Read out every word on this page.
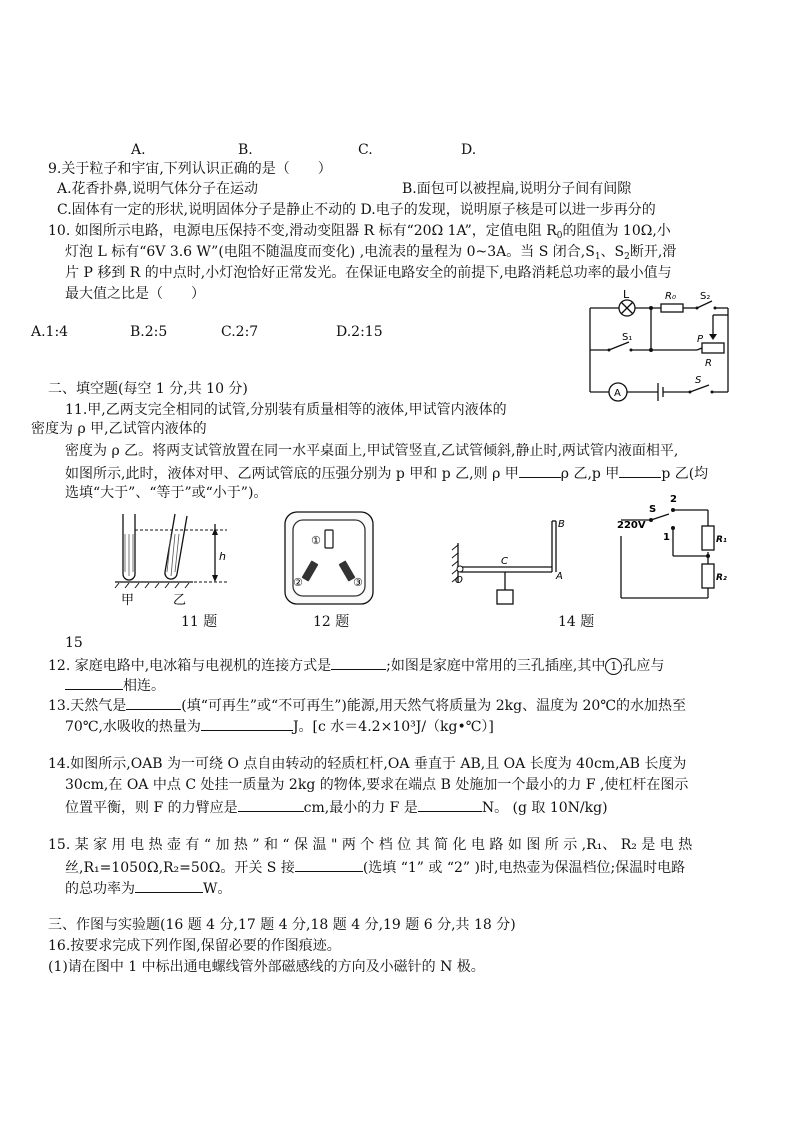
A.	B.	C.	D.
9.关于粒子和宇宙,下列认识正确的是（　　）
A.花香扑鼻,说明气体分子在运动	B.面包可以被捏扁,说明分子间有间隙
C.固体有一定的形状,说明固体分子是静止不动的 D.电子的发现，说明原子核是可以进一步再分的
10. 如图所示电路，电源电压保持不变,滑动变阻器 R 标有“20Ω 1A”，定值电阻 $R_0$的阻值为 10Ω,小
灯泡 L 标有“6V 3.6 W”(电阻不随温度而变化) ,电流表的量程为 0~3A。当 S 闭合$,S_1$、$S_2$断开,滑
片 P 移到 R 的中点时,小灯泡恰好正常发光。在保证电路安全的前提下,电路消耗总功率的最小值与
最大值之比是（　　）
A.1:4	B.2:5	C.2:7	D.2:15
L	R₀ S₂
S₁	P
R
A
S
二、填空题(每空 1 分,共 10 分)
11.甲,乙两支完全相同的试管,分别装有质量相等的液体,甲试管内液体的
密度为 ρ 甲,乙试管内液体的
密度为 ρ 乙。将两支试管放置在同一水平桌面上,甲试管竖直,乙试管倾斜,静止时,两试管内液面相平,
如图所示,此时，液体对甲、乙两试管底的压强分别为 p 甲和 p 乙,则 ρ 甲	ρ 乙,p 甲	p 乙(均
选填“大于”、“等于”或“小于”)。
h
甲	乙
11 题
①
②	③
12 题
O
C
A
B
14 题
220V
S
1
2
R₁
R₂
15
12. 家庭电路中,电冰箱与电视机的连接方式是	;如图是家庭中常用的三孔插座,其中 1 孔应与
相连。
13.天然气是	(填“可再生”或“不可再生”)能源,用天然气将质量为 2kg、温度为 20℃的水加热至
70℃,水吸收的热量为	J。[c 水＝4.2×10³J/（kg•℃）]
14.如图所示,OAB 为一可绕 O 点自由转动的轻质杠杆,OA 垂直于 AB,且 OA 长度为 40cm,AB 长度为
30cm,在 OA 中点 C 处挂一质量为 2kg 的物体,要求在端点 B 处施加一个最小的力 F ,使杠杆在图示
位置平衡，则 F 的力臂应是	cm,最小的力 F 是	N。 (g 取 10N/kg)
15. 某 家 用 电 热 壶 有 “ 加 热 ” 和 “ 保 温 " 两 个 档 位 其 简 化 电 路 如 图 所 示 ,R₁、 R₂ 是 电 热
丝,R₁=1050Ω,R₂=50Ω。开关 S 接	(选填 “1” 或 “2” )时,电热壶为保温档位;保温时电路
的总功率为	W。
三、作图与实验题(16 题 4 分,17 题 4 分,18 题 4 分,19 题 6 分,共 18 分)
16.按要求完成下列作图,保留必要的作图痕迹。
(1)请在图中 1 中标出通电螺线管外部磁感线的方向及小磁针的 N 极。
